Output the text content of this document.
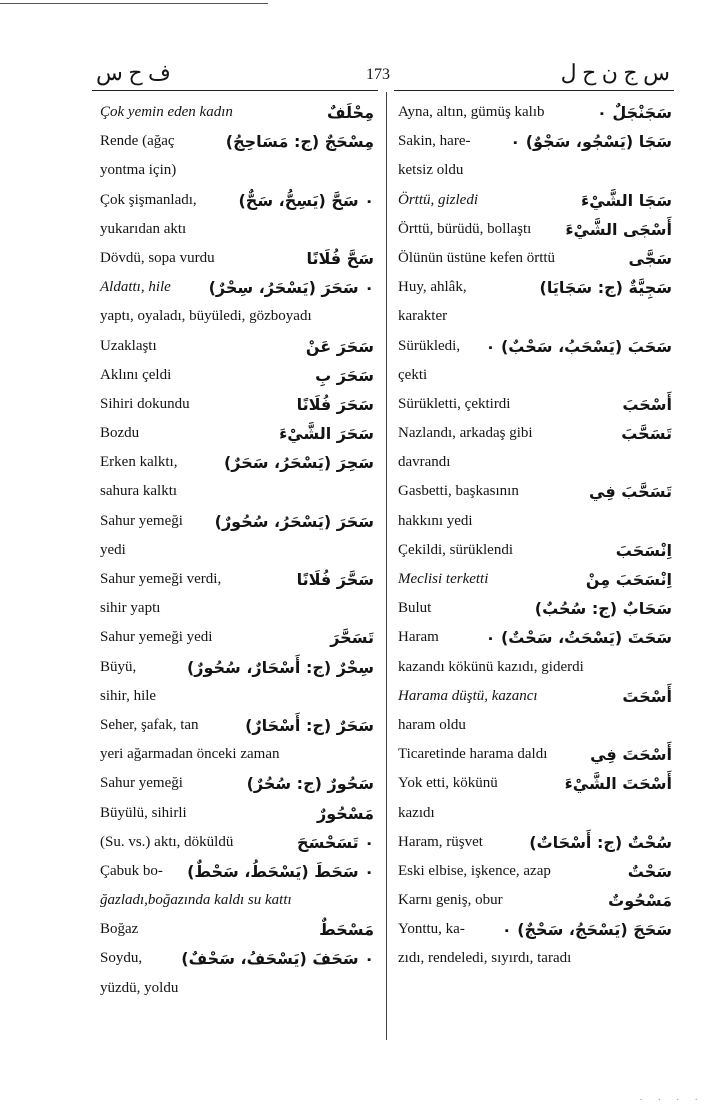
ف ح س	173	س ج ن ح ل
Çok yemin eden kadın	مِحْلَفٌ
Rende (ağaç	مِسْحَجٌ (ج: مَسَاحِجُ)
yontma için)
Çok şişmanladı,	٠ سَحَّ (يَسِحُّ، سَحٌّ)
yukarıdan aktı
Dövdü, sopa vurdu	سَحَّ فُلَانًا
Aldattı, hile ٠ سَحَرَ (يَسْحَرُ، سِحْرٌ)
yaptı, oyaladı, büyüledi, gözboyadı
Uzaklaştı	سَحَرَ عَنْ
Aklını çeldi	سَحَرَ بِ
Sihiri dokundu	سَحَرَ فُلَانًا
Bozdu	سَحَرَ الشَّيْءَ
Erken kalktı,	سَحِرَ (يَسْحَرُ، سَحَرٌ)
sahura kalktı
Sahur yemeği سَحَرَ (يَسْحَرُ، سُحُورٌ)
yedi
Sahur yemeği verdi,	سَحَّرَ فُلَانًا
sihir yaptı
Sahur yemeği yedi	تَسَحَّرَ
Büyü,	سِحْرٌ (ج: أَسْحَارٌ، سُحُورٌ)
sihir, hile
Seher, şafak, tan	سَحَرٌ (ج: أَسْحَارٌ)
yeri ağarmadan önceki zaman
Sahur yemeği	سَحُورٌ (ج: سُحُرٌ)
Büyülü, sihirli	مَسْحُورٌ
(Su. vs.) aktı, döküldü	٠ تَسَحْسَحَ
Çabuk bo- ٠ سَحَطَ (يَسْحَطُ، سَحْطٌ)
ğazladı,boğazında kaldı su kattı
Boğaz	مَسْحَطٌ
Soydu, ٠ سَحَفَ (يَسْحَفُ، سَحْفٌ)
yüzdü, yoldu
Ayna, altın, gümüş kalıb	سَجَنْجَلٌ ٠
Sakin, hare- سَجَا (يَسْجُو، سَجْوٌ) ٠
ketsiz oldu
Örttü, gizledi	سَجَا الشَّيْءَ
Örttü, bürüdü, bollaştı أَسْجَى الشَّيْءَ
Ölünün üstüne kefen örttü	سَجَّى
Huy, ahlâk,	سَجِيَّةٌ (ج: سَجَايَا)
karakter
Sürükledi, سَحَبَ (يَسْحَبُ، سَحْبٌ) ٠
çekti
Sürükletti, çektirdi	أَسْحَبَ
Nazlandı, arkadaş gibi	تَسَحَّبَ
davrandı
Gasbetti, başkasının	تَسَحَّبَ فِي
hakkını yedi
Çekildi, sürüklendi	اِنْسَحَبَ
Meclisi terketti	اِنْسَحَبَ مِنْ
Bulut	سَحَابٌ (ج: سُحُبٌ)
Haram	سَحَتَ (يَسْحَتُ، سَحْتٌ) ٠
kazandı kökünü kazıdı, giderdi
Harama düştü, kazancı	أَسْحَتَ
haram oldu
Ticaretinde harama daldı	أَسْحَتَ فِي
Yok etti, kökünü	أَسْحَتَ الشَّيْءَ
kazıdı
Haram, rüşvet	سُحْتٌ (ج: أَسْحَاتٌ)
Eski elbise, işkence, azap	سَحْتٌ
Karnı geniş, obur	مَسْحُوتٌ
Yonttu, ka- سَحَجَ (يَسْحَجُ، سَحْجٌ) ٠
zıdı, rendeledi, sıyırdı, taradı
· · · ·
